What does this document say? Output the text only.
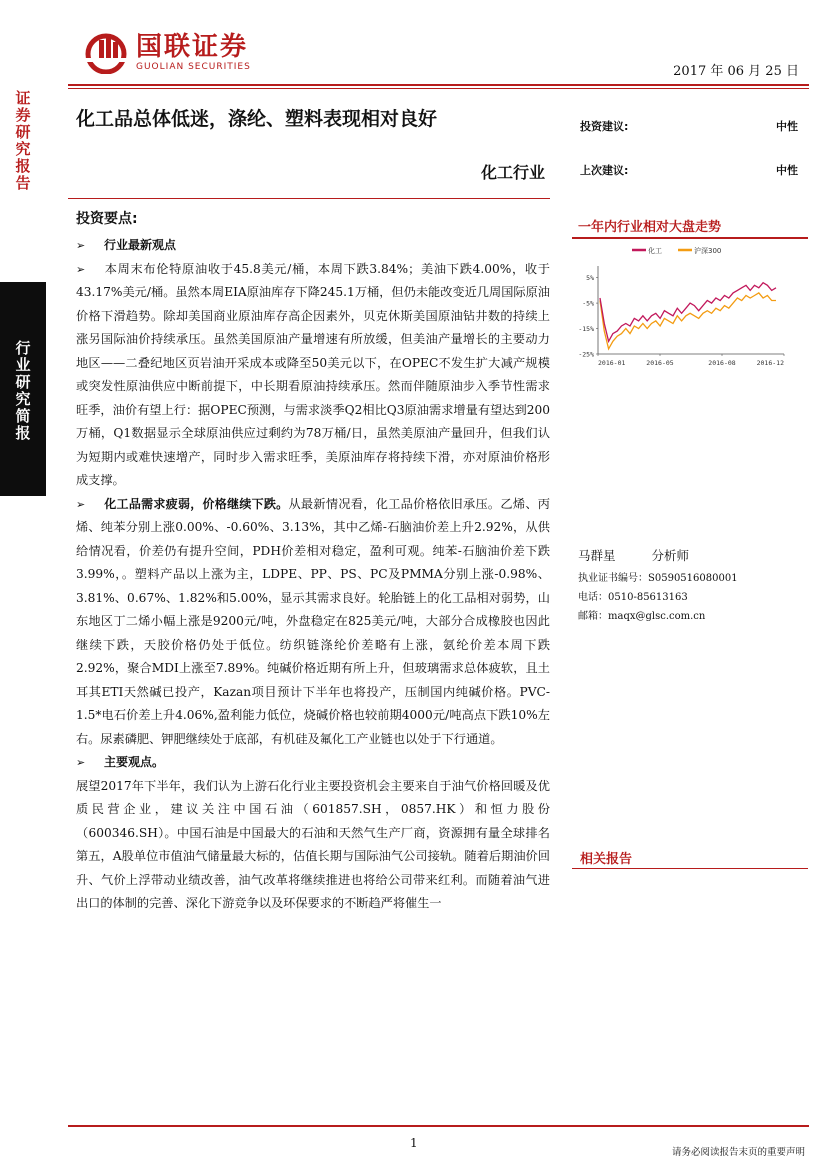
证券研究报告
行业研究简报
国联证券
GUOLIAN SECURITIES	2017 年 06 月 25 日
化工品总体低迷，涤纶、塑料表现相对良好
化工行业
投资建议:	中性
上次建议:	中性
投资要点:
➢ 行业最新观点
➢ 本周末布伦特原油收于45.8美元/桶，本周下跌3.84%；美油下跌4.00%，收于43.17%美元/桶。虽然本周EIA原油库存下降245.1万桶，但仍未能改变近几周国际原油价格下滑趋势。除却美国商业原油库存高企因素外，贝克休斯美国原油钻井数的持续上涨另国际油价持续承压。虽然美国原油产量增速有所放缓，但美油产量增长的主要动力地区——二叠纪地区页岩油开采成本或降至50美元以下，在OPEC不发生扩大减产规模或突发性原油供应中断前提下，中长期看原油持续承压。然而伴随原油步入季节性需求旺季，油价有望上行：据OPEC预测，与需求淡季Q2相比Q3原油需求增量有望达到200万桶，Q1数据显示全球原油供应过剩约为78万桶/日，虽然美原油产量回升，但我们认为短期内或难快速增产，同时步入需求旺季，美原油库存将持续下滑，亦对原油价格形成支撑。
➢ 化工品需求疲弱，价格继续下跌。从最新情况看，化工品价格依旧承压。乙烯、丙烯、纯苯分别上涨0.00%、-0.60%、3.13%，其中乙烯-石脑油价差上升2.92%，从供给情况看，价差仍有提升空间，PDH价差相对稳定，盈利可观。纯苯-石脑油价差下跌3.99%，。塑料产品以上涨为主，LDPE、PP、PS、PC及PMMA分别上涨-0.98%、3.81%、0.67%、1.82%和5.00%，显示其需求良好。轮胎链上的化工品相对弱势，山东地区丁二烯小幅上涨是9200元/吨，外盘稳定在825美元/吨，大部分合成橡胶也因此继续下跌，天胶价格仍处于低位。纺织链涤纶价差略有上涨，氨纶价差本周下跌2.92%，聚合MDI上涨至7.89%。纯碱价格近期有所上升，但玻璃需求总体疲软，且土耳其ETI天然碱已投产，Kazan项目预计下半年也将投产，压制国内纯碱价格。PVC-1.5*电石价差上升4.06%,盈利能力低位，烧碱价格也较前期4000元/吨高点下跌10%左右。尿素磷肥、钾肥继续处于底部，有机硅及氟化工产业链也以处于下行通道。
➢ 主要观点。
展望2017年下半年，我们认为上游石化行业主要投资机会主要来自于油气价格回暖及优质民营企业，建议关注中国石油（601857.SH，0857.HK）和恒力股份（600346.SH）。中国石油是中国最大的石油和天然气生产厂商，资源拥有量全球排名第五，A股单位市值油气储量最大标的，估值长期与国际油气公司接轨。随着后期油价回升、气价上浮带动业绩改善，油气改革将继续推进也将给公司带来红利。而随着油气进出口的体制的完善、深化下游竞争以及环保要求的不断趋严将催生一
一年内行业相对大盘走势
化工	沪深300
5%
-5%
-15%
-25%
2016-01	2016-05	2016-08	2016-12
马群星	分析师
执业证书编号：S0590516080001
电话：0510-85613163
邮箱：maqx@glsc.com.cn
相关报告
1
请务必阅读报告末页的重要声明
